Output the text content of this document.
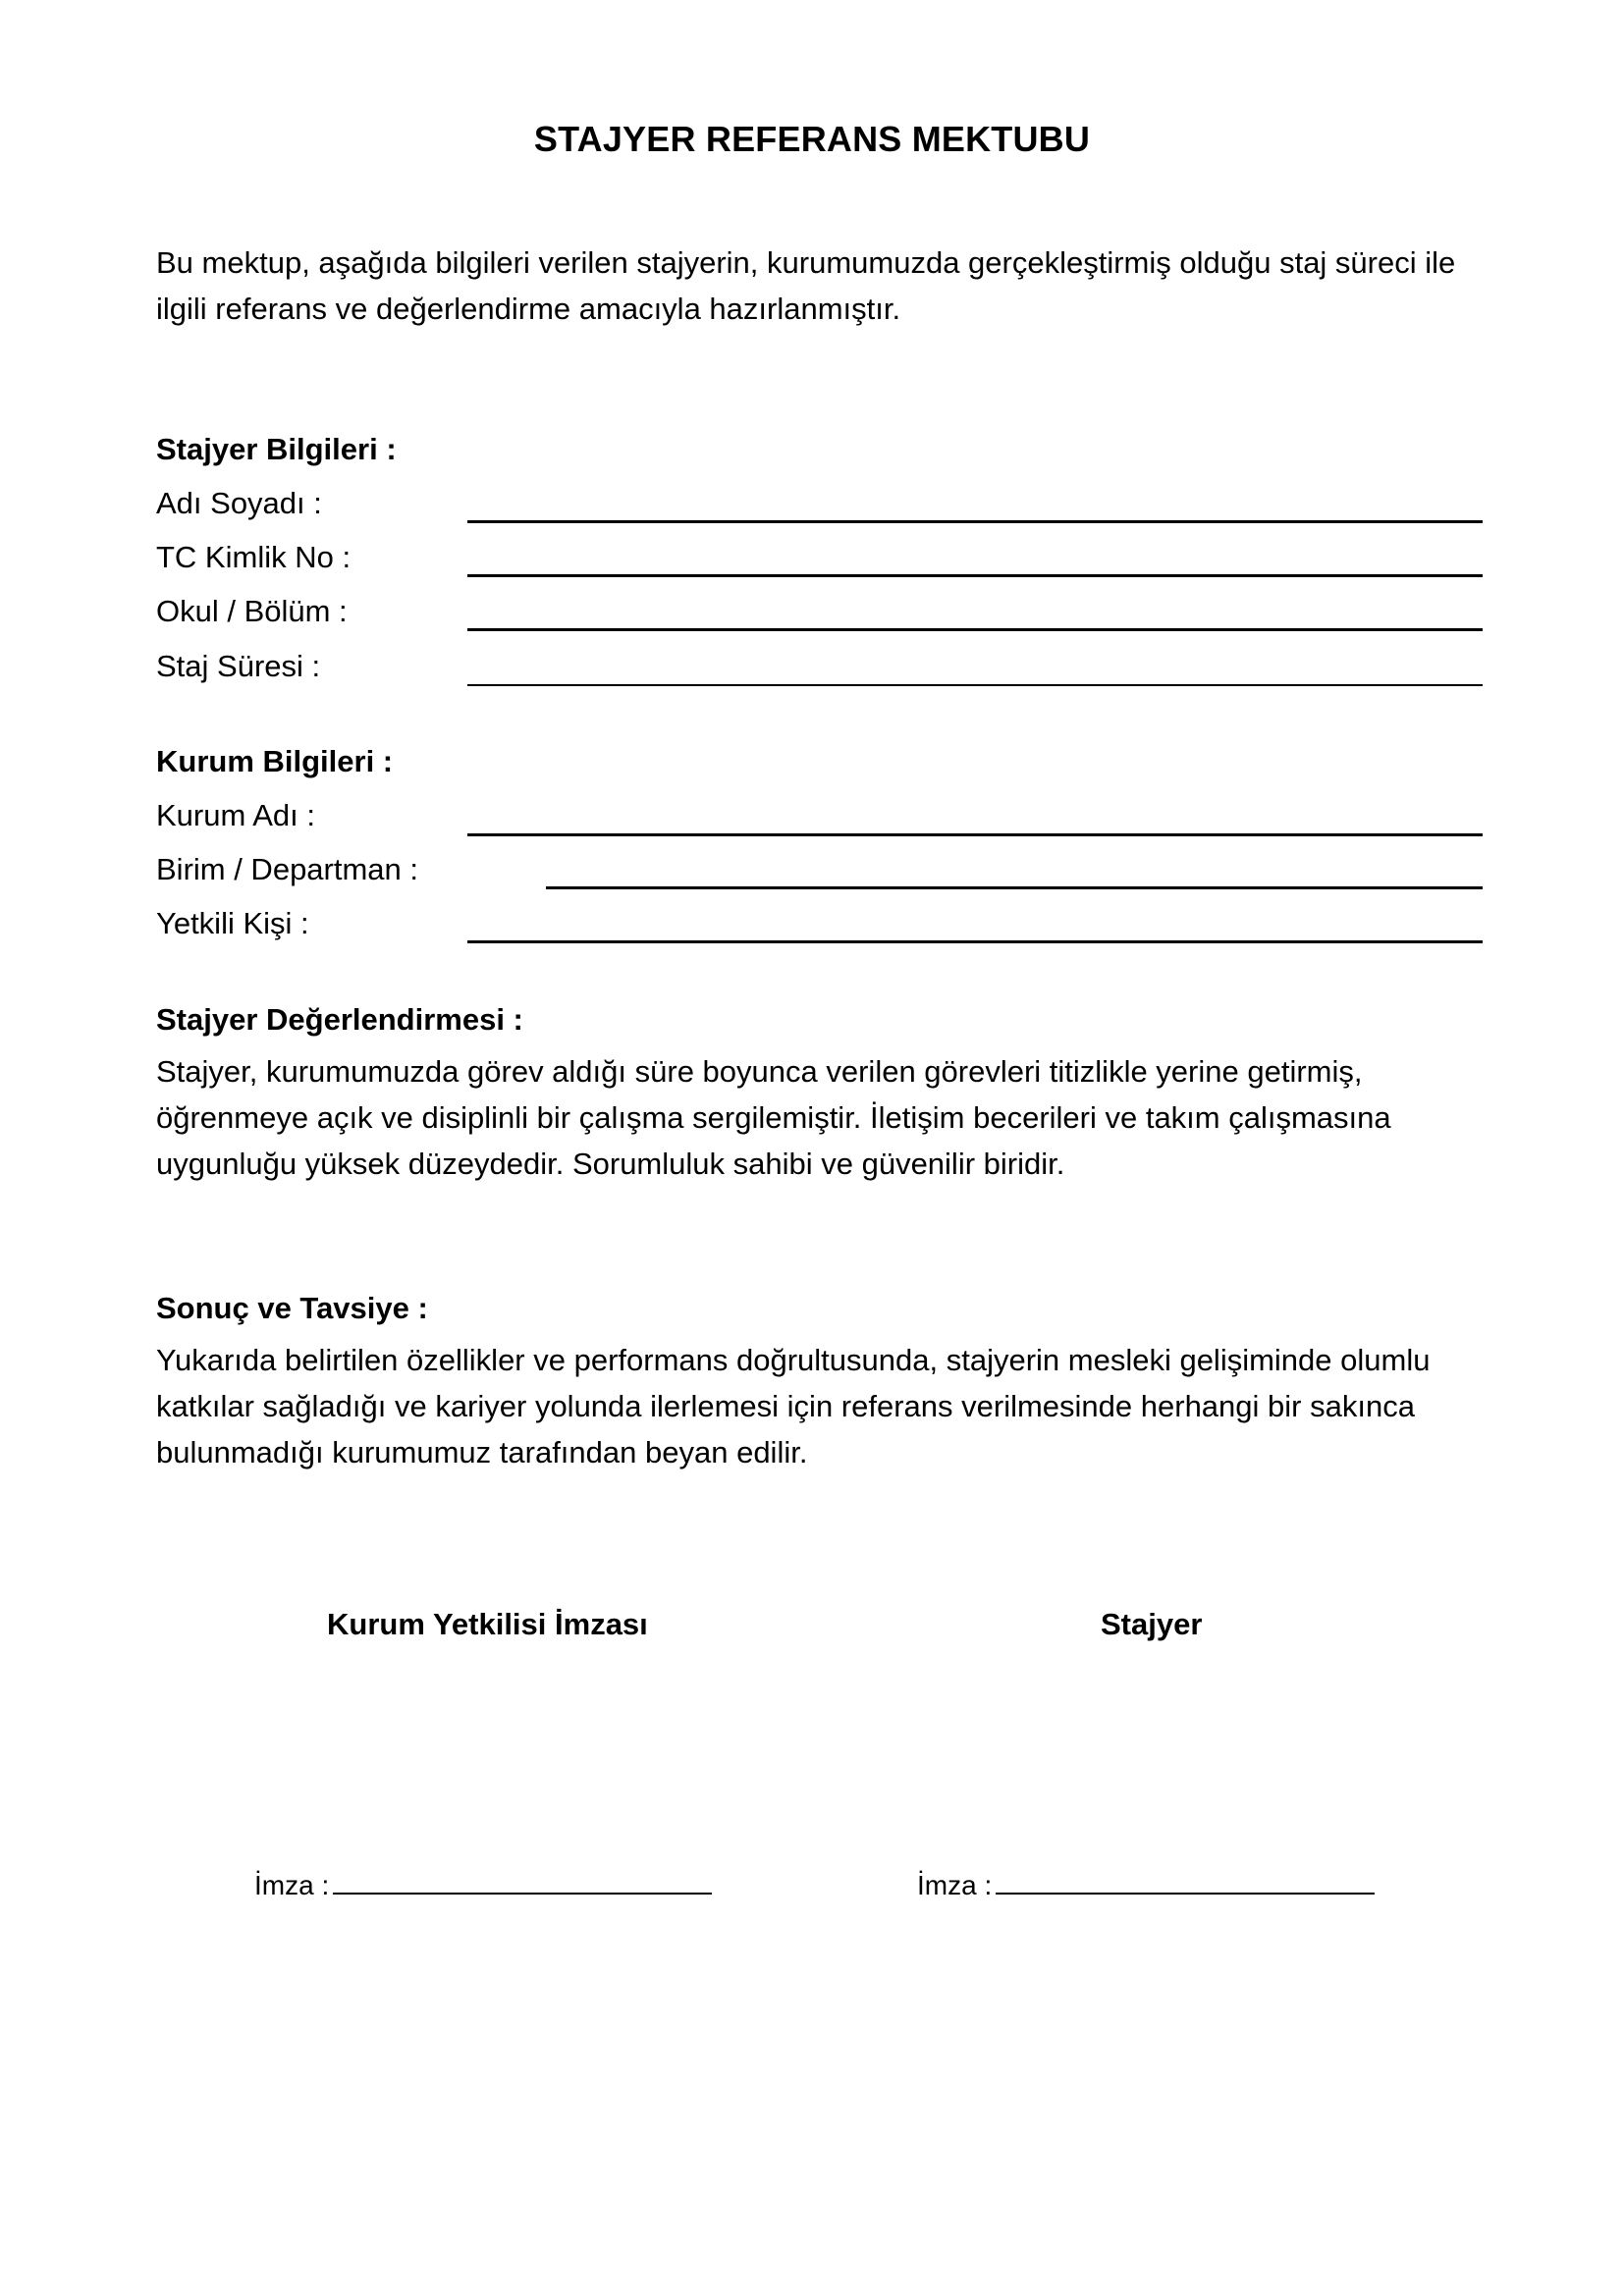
STAJYER REFERANS MEKTUBU
Bu mektup, aşağıda bilgileri verilen stajyerin, kurumumuzda gerçekleştirmiş olduğu staj süreci ile ilgili referans ve değerlendirme amacıyla hazırlanmıştır.
Stajyer Bilgileri :
Adı Soyadı :
TC Kimlik No :
Okul / Bölüm :
Staj Süresi :
Kurum Bilgileri :
Kurum Adı :
Birim / Departman :
Yetkili Kişi :
Stajyer Değerlendirmesi :
Stajyer, kurumumuzda görev aldığı süre boyunca verilen görevleri titizlikle yerine getirmiş, öğrenmeye açık ve disiplinli bir çalışma sergilemiştir. İletişim becerileri ve takım çalışmasına uygunluğu yüksek düzeydedir. Sorumluluk sahibi ve güvenilir biridir.
Sonuç ve Tavsiye :
Yukarıda belirtilen özellikler ve performans doğrultusunda, stajyerin mesleki gelişiminde olumlu katkılar sağladığı ve kariyer yolunda ilerlemesi için referans verilmesinde herhangi bir sakınca bulunmadığı kurumumuz tarafından beyan edilir.
Kurum Yetkilisi İmzası	Stajyer
İmza :	İmza :
